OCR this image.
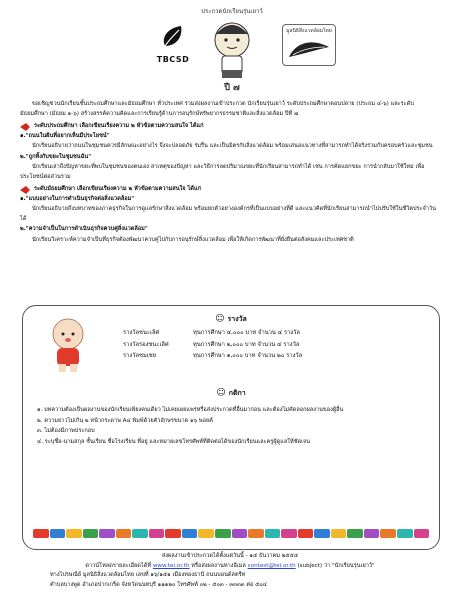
TBCSD
ประกวดนักเรียนรุ่นเยาว์
ปี ๗
มูลนิธิสิ่งแวดล้อมไทย

ขอเชิญชวนนักเรียนชั้นประถมศึกษาและมัธยมศึกษา ทั่วประเทศ ร่วมส่งผลงานเข้าประกวด นักเรียนรุ่นเยาว์ ระดับประถมศึกษาตอนปลาย (ประถม ๔-๖) และระดับมัธยมศึกษา (มัธยม ๑-๖) สร้างสรรค์ความคิดและการเรียนรู้ด้านการอนุรักษ์ทรัพยากรธรรมชาติและสิ่งแวดล้อม ปีที่ ๗

ระดับประถมศึกษา เลือกเขียนเรียงความ ๒ หัวข้อตามความสนใจ ได้แก่

๑."ถนนในฝันที่อยากเห็นมีประโยชน์"

นักเรียนอธิบายว่าถนนในชุมชนควรมีลักษณะอย่างไร จึงจะปลอดภัย ร่มรื่น และเป็นมิตรกับสิ่งแวดล้อม พร้อมเสนอแนวทางที่สามารถทำได้จริงร่วมกับครอบครัวและชุมชน

๒."ถูกทิ้งกับขยะในชุมชนฉัน"

นักเรียนเล่าถึงปัญหาขยะที่พบในชุมชนของตนเอง สาเหตุของปัญหา และวิธีการลดปริมาณขยะที่นักเรียนสามารถทำได้ เช่น การคัดแยกขยะ การนำกลับมาใช้ใหม่ เพื่อประโยชน์ต่อส่วนรวม

ระดับมัธยมศึกษา เลือกเขียนเรียงความ ๒ หัวข้อตามความสนใจ ได้แก่

๑."แบบอย่างในการดำเนินธุรกิจต่อสิ่งแวดล้อม"

นักเรียนอธิบายถึงบทบาทของภาคธุรกิจในการดูแลรักษาสิ่งแวดล้อม พร้อมยกตัวอย่างองค์กรที่เป็นแบบอย่างที่ดี และแนวคิดที่นักเรียนสามารถนำไปปรับใช้ในชีวิตประจำวันได้

๒."ความจำเป็นในการดำเนินธุรกิจควบคู่สิ่งแวดล้อม"

นักเรียนวิเคราะห์ความจำเป็นที่ธุรกิจต้องพัฒนาควบคู่ไปกับการอนุรักษ์สิ่งแวดล้อม เพื่อให้เกิดการพัฒนาที่ยั่งยืนต่อสังคมและประเทศชาติ

☺ รางวัล
รางวัลชนะเลิศ	ทุนการศึกษา ๔,๐๐๐ บาท จำนวน ๔ รางวัล
รางวัลรองชนะเลิศ	ทุนการศึกษา ๒,๐๐๐ บาท จำนวน ๔ รางวัล
รางวัลชมเชย	ทุนการศึกษา ๑,๐๐๐ บาท จำนวน ๒๐ รางวัล
☺ กติกา

๑. บทความต้องเป็นผลงานของนักเรียนเพียงคนเดียว ไม่เคยเผยแพร่หรือส่งประกวดที่อื่นมาก่อน และต้องไม่คัดลอกผลงานของผู้อื่น

๒. ความยาวไม่เกิน ๒ หน้ากระดาษ A๔ พิมพ์ด้วยตัวอักษรขนาด ๑๖ พอยต์

๓. ไม่ต้องมีภาพประกอบ

๔. ระบุชื่อ-นามสกุล ชั้นเรียน ชื่อโรงเรียน ที่อยู่ และหมายเลขโทรศัพท์ที่ติดต่อได้ของนักเรียนและครูผู้ดูแลให้ชัดเจน

ส่งผลงานเข้าประกวดได้ตั้งแต่วันนี้ - ๑๕ ธันวาคม ๒๕๕๕

ดาวน์โหลดรายละเอียดได้ที่ www.tei.or.th หรือส่งผลงานทางอีเมล contest@tei.or.th (subject) ว่า "นักเรียนรุ่นเยาว์"

ทางไปรษณีย์ มูลนิธิสิ่งแวดล้อมไทย เลขที่ ๑๖/๑๕๑ เมืองทองธานี ถนนบอนด์สตรีท

ตำบลบางพูด อำเภอปากเกร็ด จังหวัดนนทบุรี ๑๑๑๒๐ โทรศัพท์ ๐๒ - ๕๐๓ - ๓๓๓๓ ต่อ ๕๐๔
